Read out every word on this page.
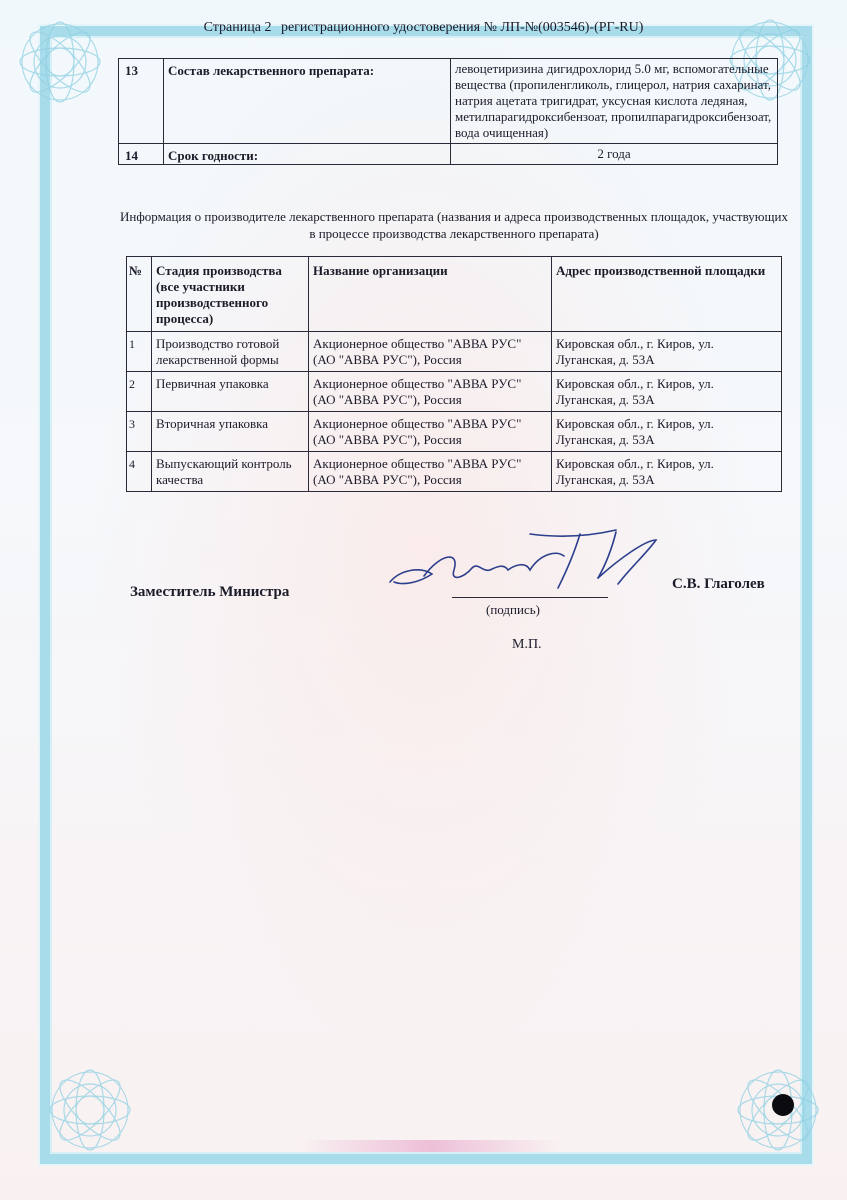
Страница 2 регистрационного удостоверения № ЛП-№(003546)-(РГ-RU)
13	Состав лекарственного препарата:	левоцетиризина дигидрохлорид 5.0 мг, вспомогательные вещества (пропиленгликоль, глицерол, натрия сахаринат, натрия ацетата тригидрат, уксусная кислота ледяная, метилпарагидроксибензоат, пропилпарагидроксибензоат, вода очищенная)
14	Срок годности:	2 года
Информация о производителе лекарственного препарата (названия и адреса производственных площадок, участвующих в процессе производства лекарственного препарата)
№	Стадия производства (все участники производственного процесса)	Название организации	Адрес производственной площадки
1	Производство готовой лекарственной формы	Акционерное общество "АВВА РУС" (АО "АВВА РУС"), Россия	Кировская обл., г. Киров, ул. Луганская, д. 53А
2	Первичная упаковка	Акционерное общество "АВВА РУС" (АО "АВВА РУС"), Россия	Кировская обл., г. Киров, ул. Луганская, д. 53А
3	Вторичная упаковка	Акционерное общество "АВВА РУС" (АО "АВВА РУС"), Россия	Кировская обл., г. Киров, ул. Луганская, д. 53А
4	Выпускающий контроль качества	Акционерное общество "АВВА РУС" (АО "АВВА РУС"), Россия	Кировская обл., г. Киров, ул. Луганская, д. 53А
Заместитель Министра	С.В. Глаголев
(подпись)
М.П.
